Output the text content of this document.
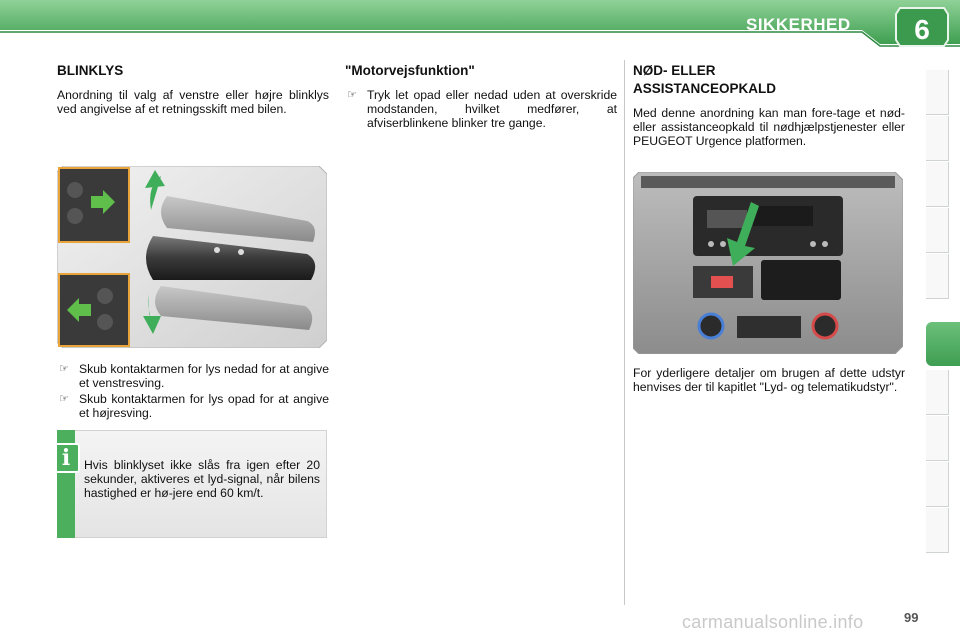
SIKKERHED 6
BLINKLYS

Anordning til valg af venstre eller højre blinklys ved angivelse af et retningsskift med bilen.

☞ Skub kontaktarmen for lys nedad for at angive et venstresving.

☞ Skub kontaktarmen for lys opad for at angive et højresving.

i	Hvis blinklyset ikke slås fra igen efter 20 sekunder, aktiveres et lyd-signal, når bilens hastighed er hø-jere end 60 km/t.

"Motorvejsfunktion"

☞ Tryk let opad eller nedad uden at overskride modstanden, hvilket medfører, at afviserblinkene blinker tre gange.

NØD- ELLER
ASSISTANCEOPKALD

Med denne anordning kan man fore-tage et nød- eller assistanceopkald til nødhjælpstjenester eller PEUGEOT Urgence platformen.

For yderligere detaljer om brugen af dette udstyr henvises der til kapitlet "Lyd- og telematikudstyr".

carmanualsonline.info	99
